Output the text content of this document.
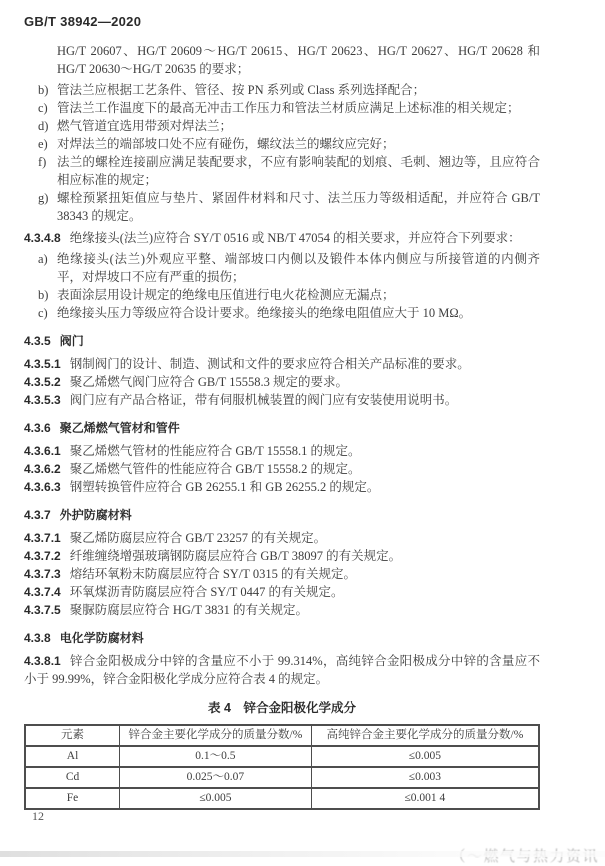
GB/T 38942—2020

HG/T 20607、HG/T 20609～HG/T 20615、HG/T 20623、HG/T 20627、HG/T 20628 和 HG/T 20630～HG/T 20635 的要求；

b) 管法兰应根据工艺条件、管径、按 PN 系列或 Class 系列选择配合；
c) 管法兰工作温度下的最高无冲击工作压力和管法兰材质应满足上述标准的相关规定；
d) 燃气管道宜选用带颈对焊法兰；
e) 对焊法兰的端部坡口处不应有碰伤，螺纹法兰的螺纹应完好；
f) 法兰的螺栓连接副应满足装配要求，不应有影响装配的划痕、毛刺、翘边等，且应符合相应标准的规定；
g) 螺栓预紧扭矩值应与垫片、紧固件材料和尺寸、法兰压力等级相适配，并应符合 GB/T 38343 的规定。

4.3.4.8 绝缘接头(法兰)应符合 SY/T 0516 或 NB/T 47054 的相关要求，并应符合下列要求：

a) 绝缘接头(法兰)外观应平整、端部坡口内侧以及锻件本体内侧应与所接管道的内侧齐平，对焊坡口不应有严重的损伤；
b) 表面涂层用设计规定的绝缘电压值进行电火花检测应无漏点；
c) 绝缘接头压力等级应符合设计要求。绝缘接头的绝缘电阻值应大于 10 MΩ。

4.3.5 阀门

4.3.5.1 钢制阀门的设计、制造、测试和文件的要求应符合相关产品标准的要求。

4.3.5.2 聚乙烯燃气阀门应符合 GB/T 15558.3 规定的要求。

4.3.5.3 阀门应有产品合格证，带有伺服机械装置的阀门应有安装使用说明书。

4.3.6 聚乙烯燃气管材和管件

4.3.6.1 聚乙烯燃气管材的性能应符合 GB/T 15558.1 的规定。

4.3.6.2 聚乙烯燃气管件的性能应符合 GB/T 15558.2 的规定。

4.3.6.3 钢塑转换管件应符合 GB 26255.1 和 GB 26255.2 的规定。

4.3.7 外护防腐材料

4.3.7.1 聚乙烯防腐层应符合 GB/T 23257 的有关规定。

4.3.7.2 纤维缠绕增强玻璃钢防腐层应符合 GB/T 38097 的有关规定。

4.3.7.3 熔结环氧粉末防腐层应符合 SY/T 0315 的有关规定。

4.3.7.4 环氧煤沥青防腐层应符合 SY/T 0447 的有关规定。

4.3.7.5 聚脲防腐层应符合 HG/T 3831 的有关规定。

4.3.8 电化学防腐材料

4.3.8.1 锌合金阳极成分中锌的含量应不小于 99.314%，高纯锌合金阳极成分中锌的含量应不小于 99.99%，锌合金阳极化学成分应符合表 4 的规定。

表 4　锌合金阳极化学成分

元素	锌合金主要化学成分的质量分数/%	高纯锌合金主要化学成分的质量分数/%
Al	0.1～0.5	≤0.005
Cd	0.025～0.07	≤0.003
Fe	≤0.005	≤0.001 4
12
